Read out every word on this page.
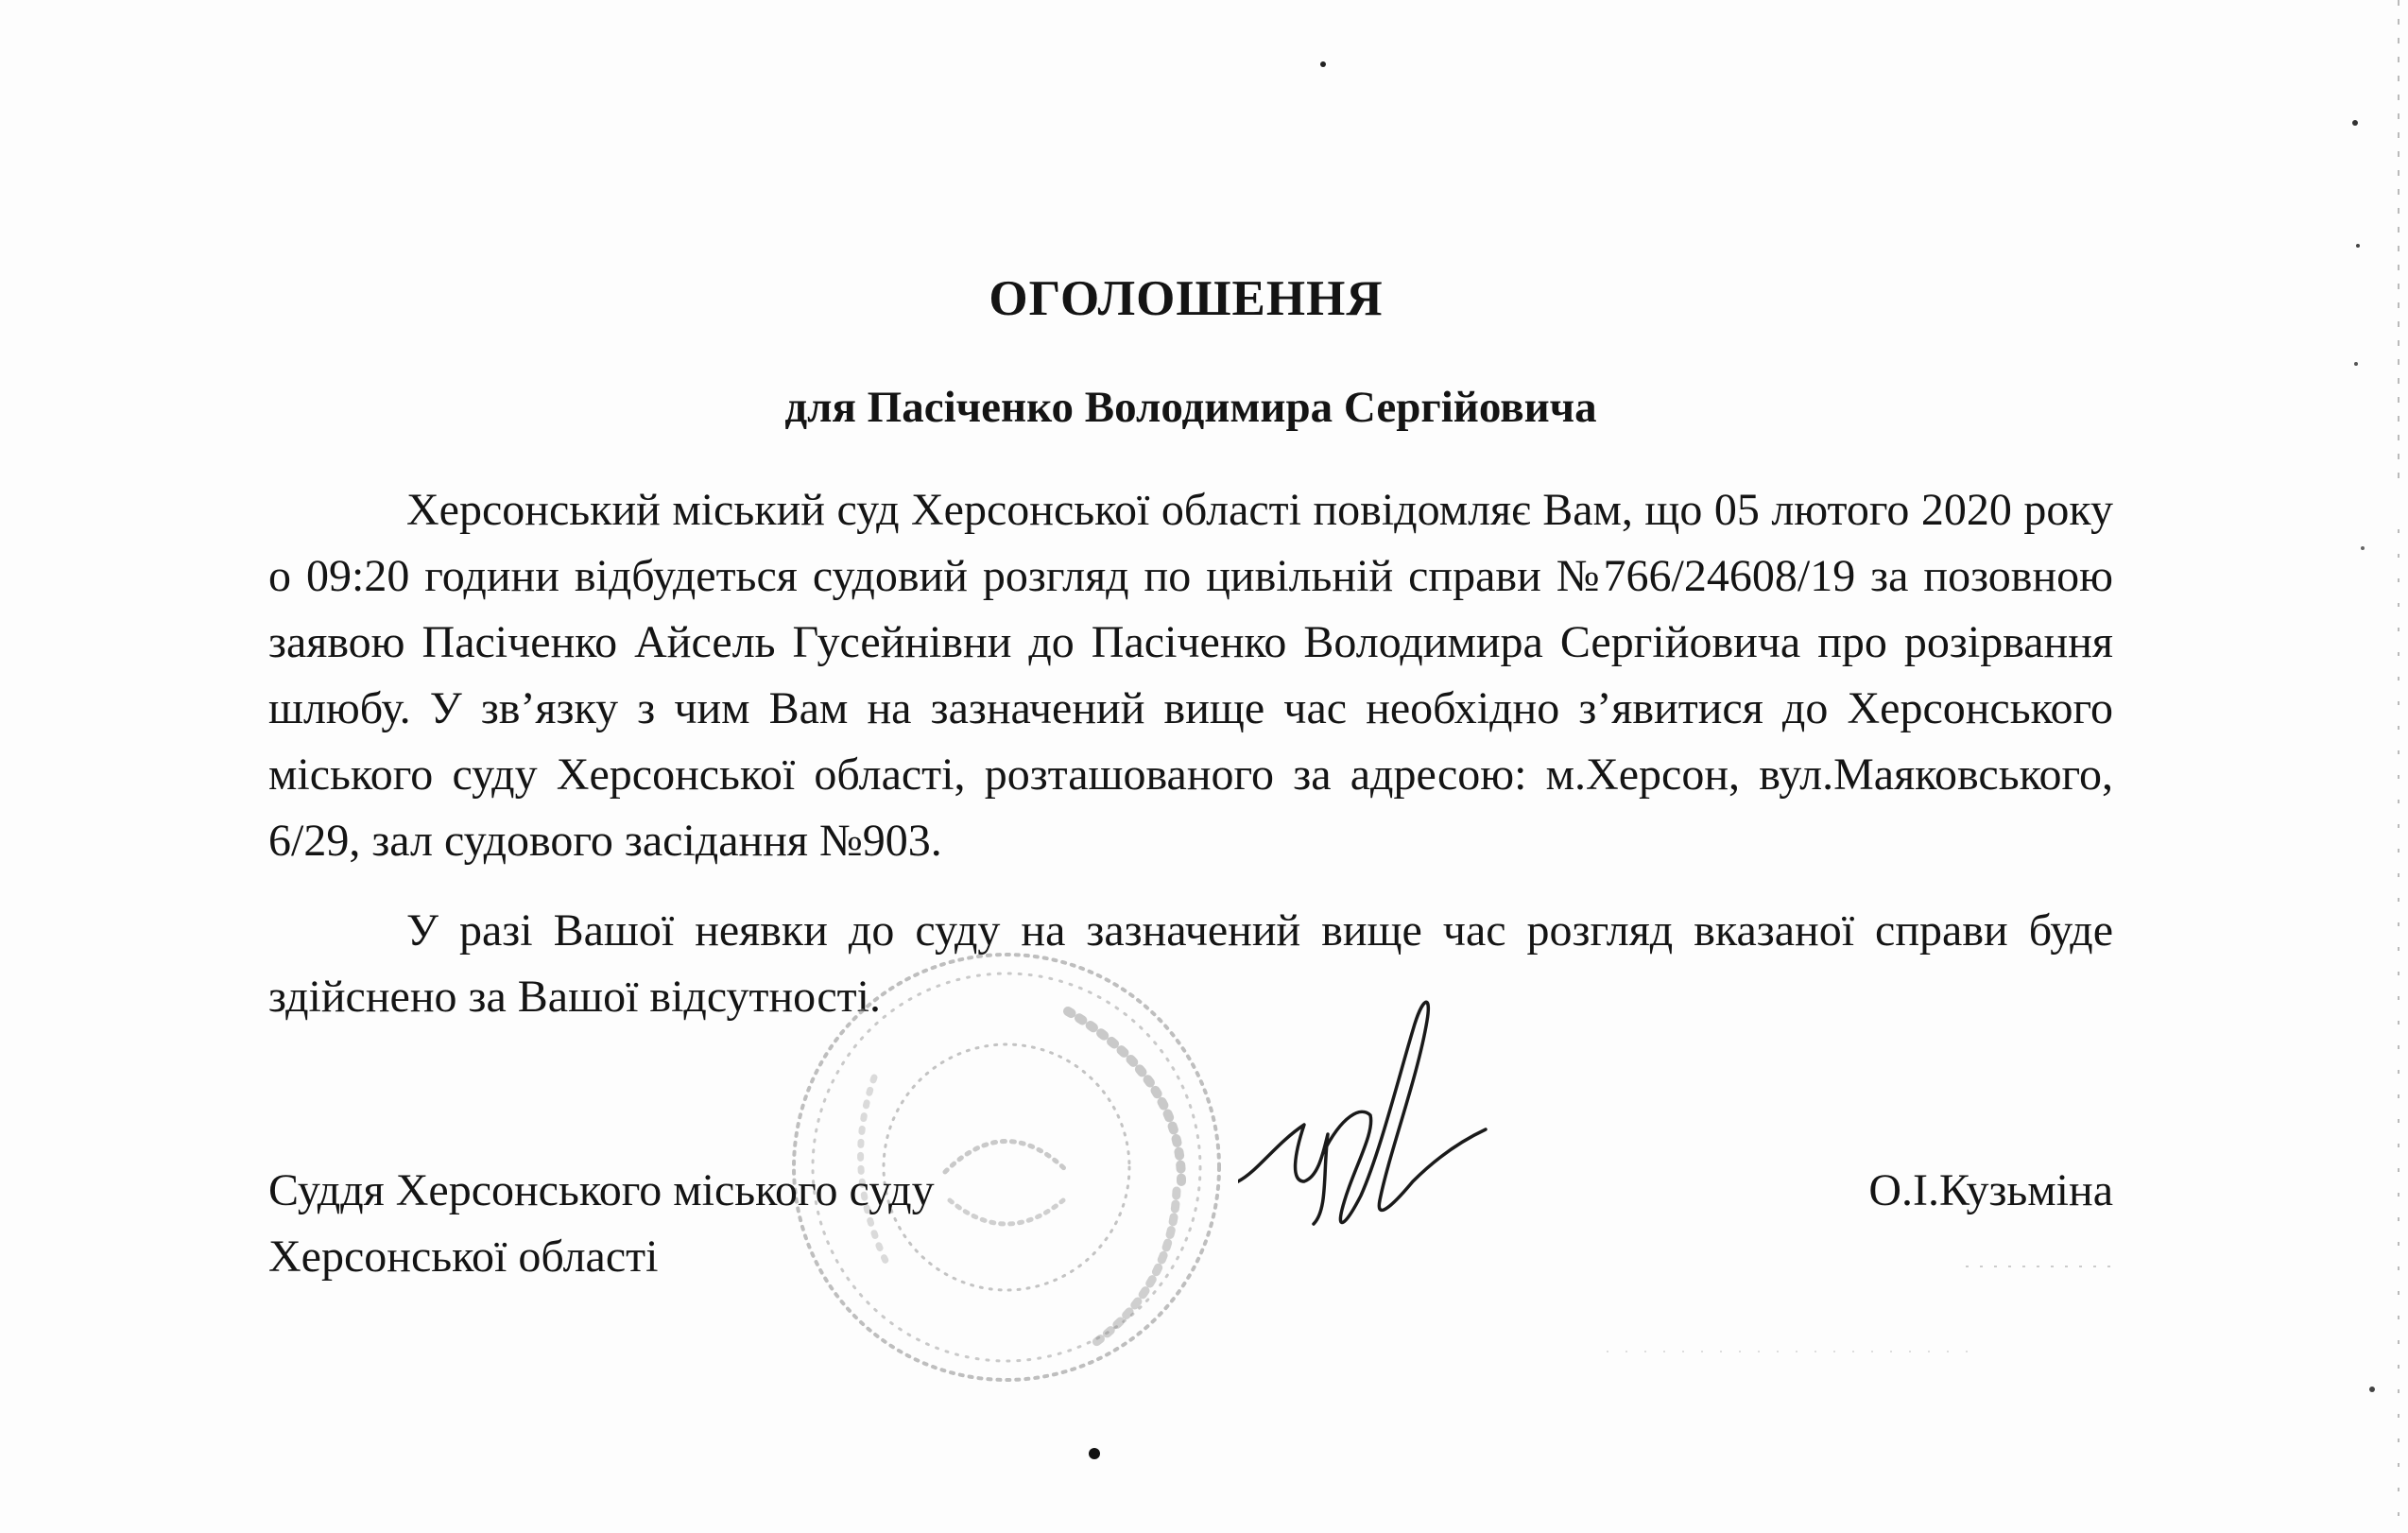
ОГОЛОШЕННЯ
для Пасіченко Володимира Сергійовича

Херсонський міський суд Херсонської області повідомляє Вам, що 05 лютого 2020 року о 09:20 години відбудеться судовий розгляд по цивільній справи №766/24608/19 за позовною заявою Пасіченко Айсель Гусейнівни до Пасіченко Володимира Сергійовича про розірвання шлюбу. У зв’язку з чим Вам на зазначений вище час необхідно з’явитися до Херсонського міського суду Херсонської області, розташованого за адресою: м.Херсон, вул.Маяковського, 6/29, зал судового засідання №903.

У разі Вашої неявки до суду на зазначений вище час розгляд вказаної справи буде здійснено за Вашої відсутності.

Суддя Херсонського міського суду
Херсонської області
О.І.Кузьміна
